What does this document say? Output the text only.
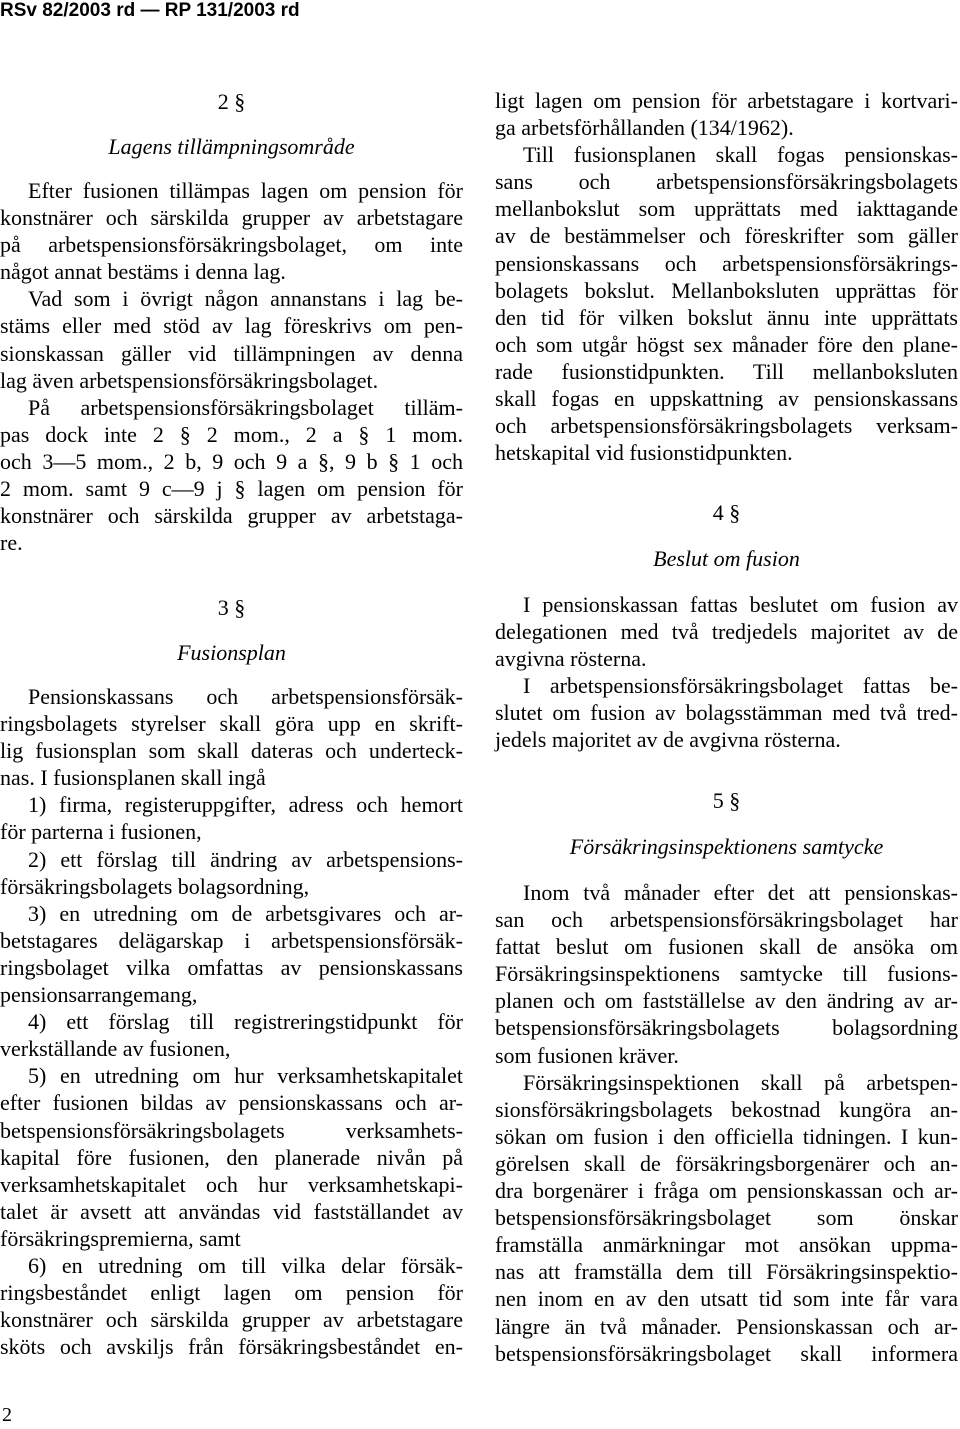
RSv 82/2003 rd — RP 131/2003 rd
2 §
Lagens tillämpningsområde
Efter fusionen tillämpas lagen om pension för
konstnärer och särskilda grupper av arbetstagare
på arbetspensionsförsäkringsbolaget, om inte
något annat bestäms i denna lag.
Vad som i övrigt någon annanstans i lag be-
stäms eller med stöd av lag föreskrivs om pen-
sionskassan gäller vid tillämpningen av denna
lag även arbetspensionsförsäkringsbolaget.
På arbetspensionsförsäkringsbolaget tilläm-
pas dock inte 2 § 2 mom., 2 a § 1 mom.
och 3—5 mom., 2 b, 9 och 9 a §, 9 b § 1 och
2 mom. samt 9 c—9 j § lagen om pension för
konstnärer och särskilda grupper av arbetstaga-
re.
3 §
Fusionsplan
Pensionskassans och arbetspensionsförsäk-
ringsbolagets styrelser skall göra upp en skrift-
lig fusionsplan som skall dateras och underteck-
nas. I fusionsplanen skall ingå
1) firma, registeruppgifter, adress och hemort
för parterna i fusionen,
2) ett förslag till ändring av arbetspensions-
försäkringsbolagets bolagsordning,
3) en utredning om de arbetsgivares och ar-
betstagares delägarskap i arbetspensionsförsäk-
ringsbolaget vilka omfattas av pensionskassans
pensionsarrangemang,
4) ett förslag till registreringstidpunkt för
verkställande av fusionen,
5) en utredning om hur verksamhetskapitalet
efter fusionen bildas av pensionskassans och ar-
betspensionsförsäkringsbolagets verksamhets-
kapital före fusionen, den planerade nivån på
verksamhetskapitalet och hur verksamhetskapi-
talet är avsett att användas vid fastställandet av
försäkringspremierna, samt
6) en utredning om till vilka delar försäk-
ringsbeståndet enligt lagen om pension för
konstnärer och särskilda grupper av arbetstagare
sköts och avskiljs från försäkringsbeståndet en-
ligt lagen om pension för arbetstagare i kortvari-
ga arbetsförhållanden (134/1962).
Till fusionsplanen skall fogas pensionskas-
sans och arbetspensionsförsäkringsbolagets
mellanbokslut som upprättats med iakttagande
av de bestämmelser och föreskrifter som gäller
pensionskassans och arbetspensionsförsäkrings-
bolagets bokslut. Mellanboksluten upprättas för
den tid för vilken bokslut ännu inte upprättats
och som utgår högst sex månader före den plane-
rade fusionstidpunkten. Till mellanboksluten
skall fogas en uppskattning av pensionskassans
och arbetspensionsförsäkringsbolagets verksam-
hetskapital vid fusionstidpunkten.
4 §
Beslut om fusion
I pensionskassan fattas beslutet om fusion av
delegationen med två tredjedels majoritet av de
avgivna rösterna.
I arbetspensionsförsäkringsbolaget fattas be-
slutet om fusion av bolagsstämman med två tred-
jedels majoritet av de avgivna rösterna.
5 §
Försäkringsinspektionens samtycke
Inom två månader efter det att pensionskas-
san och arbetspensionsförsäkringsbolaget har
fattat beslut om fusionen skall de ansöka om
Försäkringsinspektionens samtycke till fusions-
planen och om fastställelse av den ändring av ar-
betspensionsförsäkringsbolagets bolagsordning
som fusionen kräver.
Försäkringsinspektionen skall på arbetspen-
sionsförsäkringsbolagets bekostnad kungöra an-
sökan om fusion i den officiella tidningen. I kun-
görelsen skall de försäkringsborgenärer och an-
dra borgenärer i fråga om pensionskassan och ar-
betspensionsförsäkringsbolaget som önskar
framställa anmärkningar mot ansökan uppma-
nas att framställa dem till Försäkringsinspektio-
nen inom en av den utsatt tid som inte får vara
längre än två månader. Pensionskassan och ar-
betspensionsförsäkringsbolaget skall informera
2
